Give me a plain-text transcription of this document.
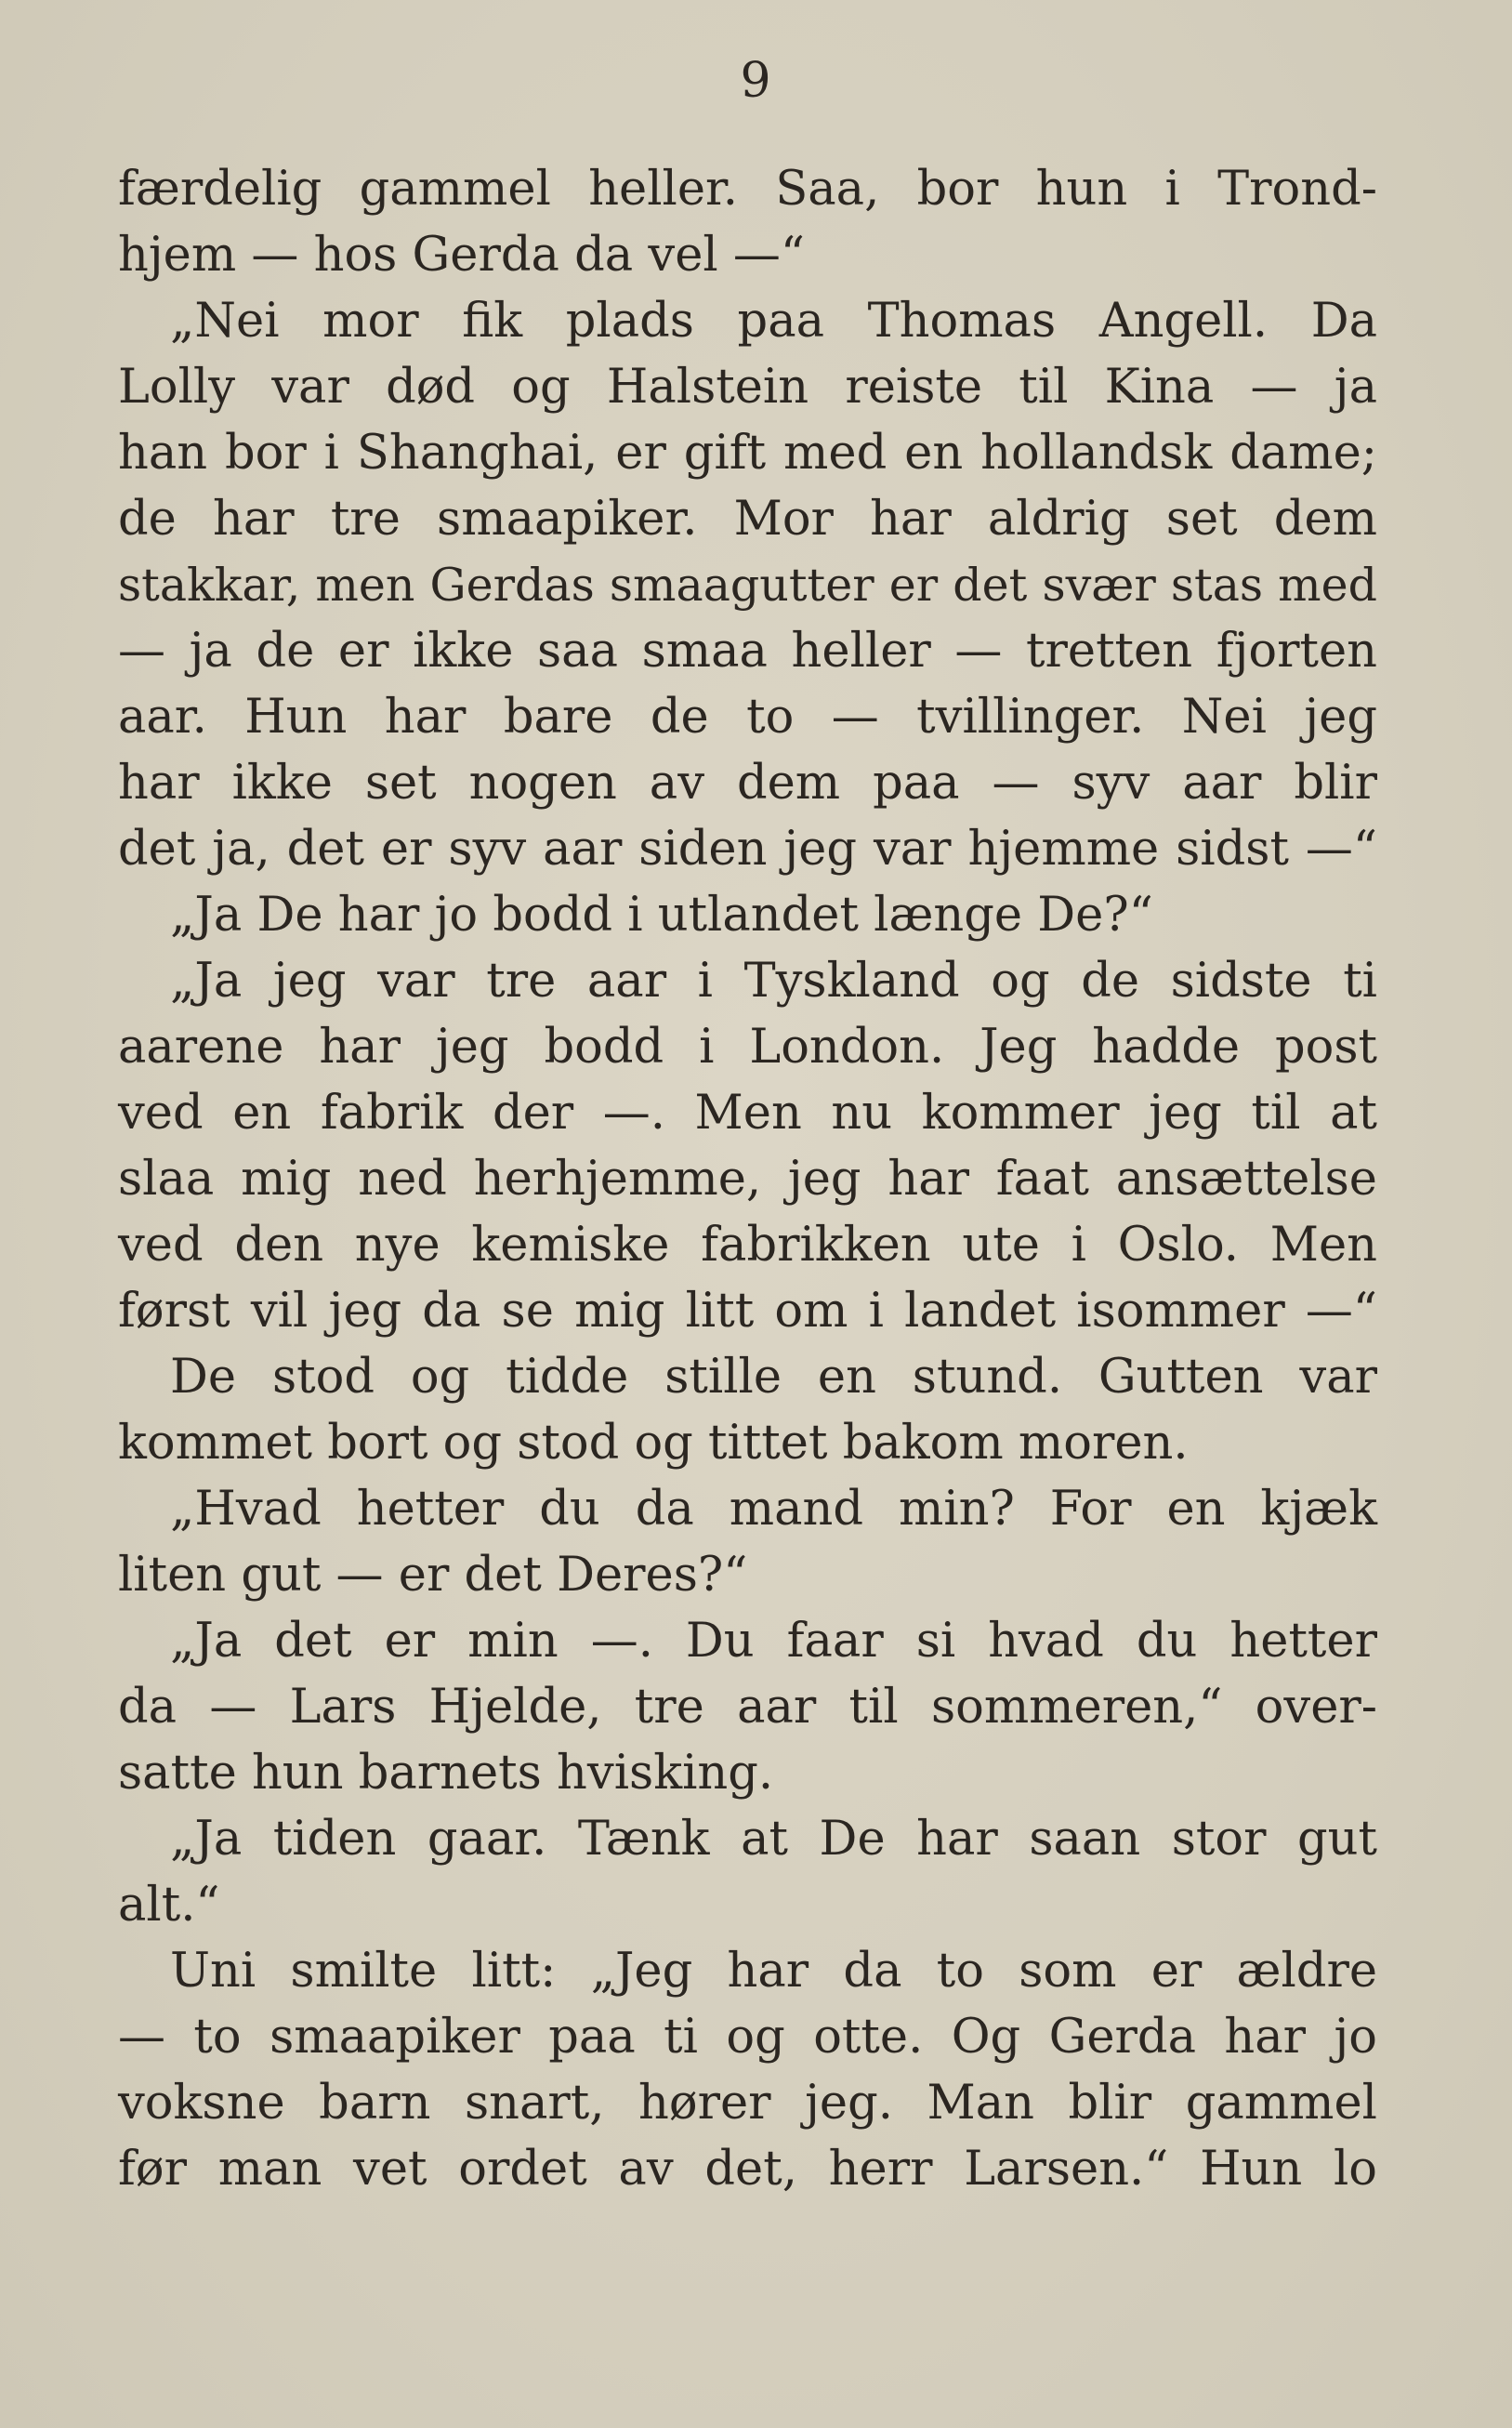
9
færdelig gammel heller. Saa, bor hun i Trond-
hjem — hos Gerda da vel —“
„Nei mor fik plads paa Thomas Angell. Da
Lolly var død og Halstein reiste til Kina — ja
han bor i Shanghai, er gift med en hollandsk dame;
de har tre smaapiker. Mor har aldrig set dem
stakkar, men Gerdas smaagutter er det svær stas med
— ja de er ikke saa smaa heller — tretten fjorten
aar. Hun har bare de to — tvillinger. Nei jeg
har ikke set nogen av dem paa — syv aar blir
det ja, det er syv aar siden jeg var hjemme sidst —“
„Ja De har jo bodd i utlandet længe De?“
„Ja jeg var tre aar i Tyskland og de sidste ti
aarene har jeg bodd i London. Jeg hadde post
ved en fabrik der —. Men nu kommer jeg til at
slaa mig ned herhjemme, jeg har faat ansættelse
ved den nye kemiske fabrikken ute i Oslo. Men
først vil jeg da se mig litt om i landet isommer —“
De stod og tidde stille en stund. Gutten var
kommet bort og stod og tittet bakom moren.
„Hvad hetter du da mand min? For en kjæk
liten gut — er det Deres?“
„Ja det er min —. Du faar si hvad du hetter
da — Lars Hjelde, tre aar til sommeren,“ over-
satte hun barnets hvisking.
„Ja tiden gaar. Tænk at De har saan stor gut
alt.“
Uni smilte litt: „Jeg har da to som er ældre
— to smaapiker paa ti og otte. Og Gerda har jo
voksne barn snart, hører jeg. Man blir gammel
før man vet ordet av det, herr Larsen.“ Hun lo
